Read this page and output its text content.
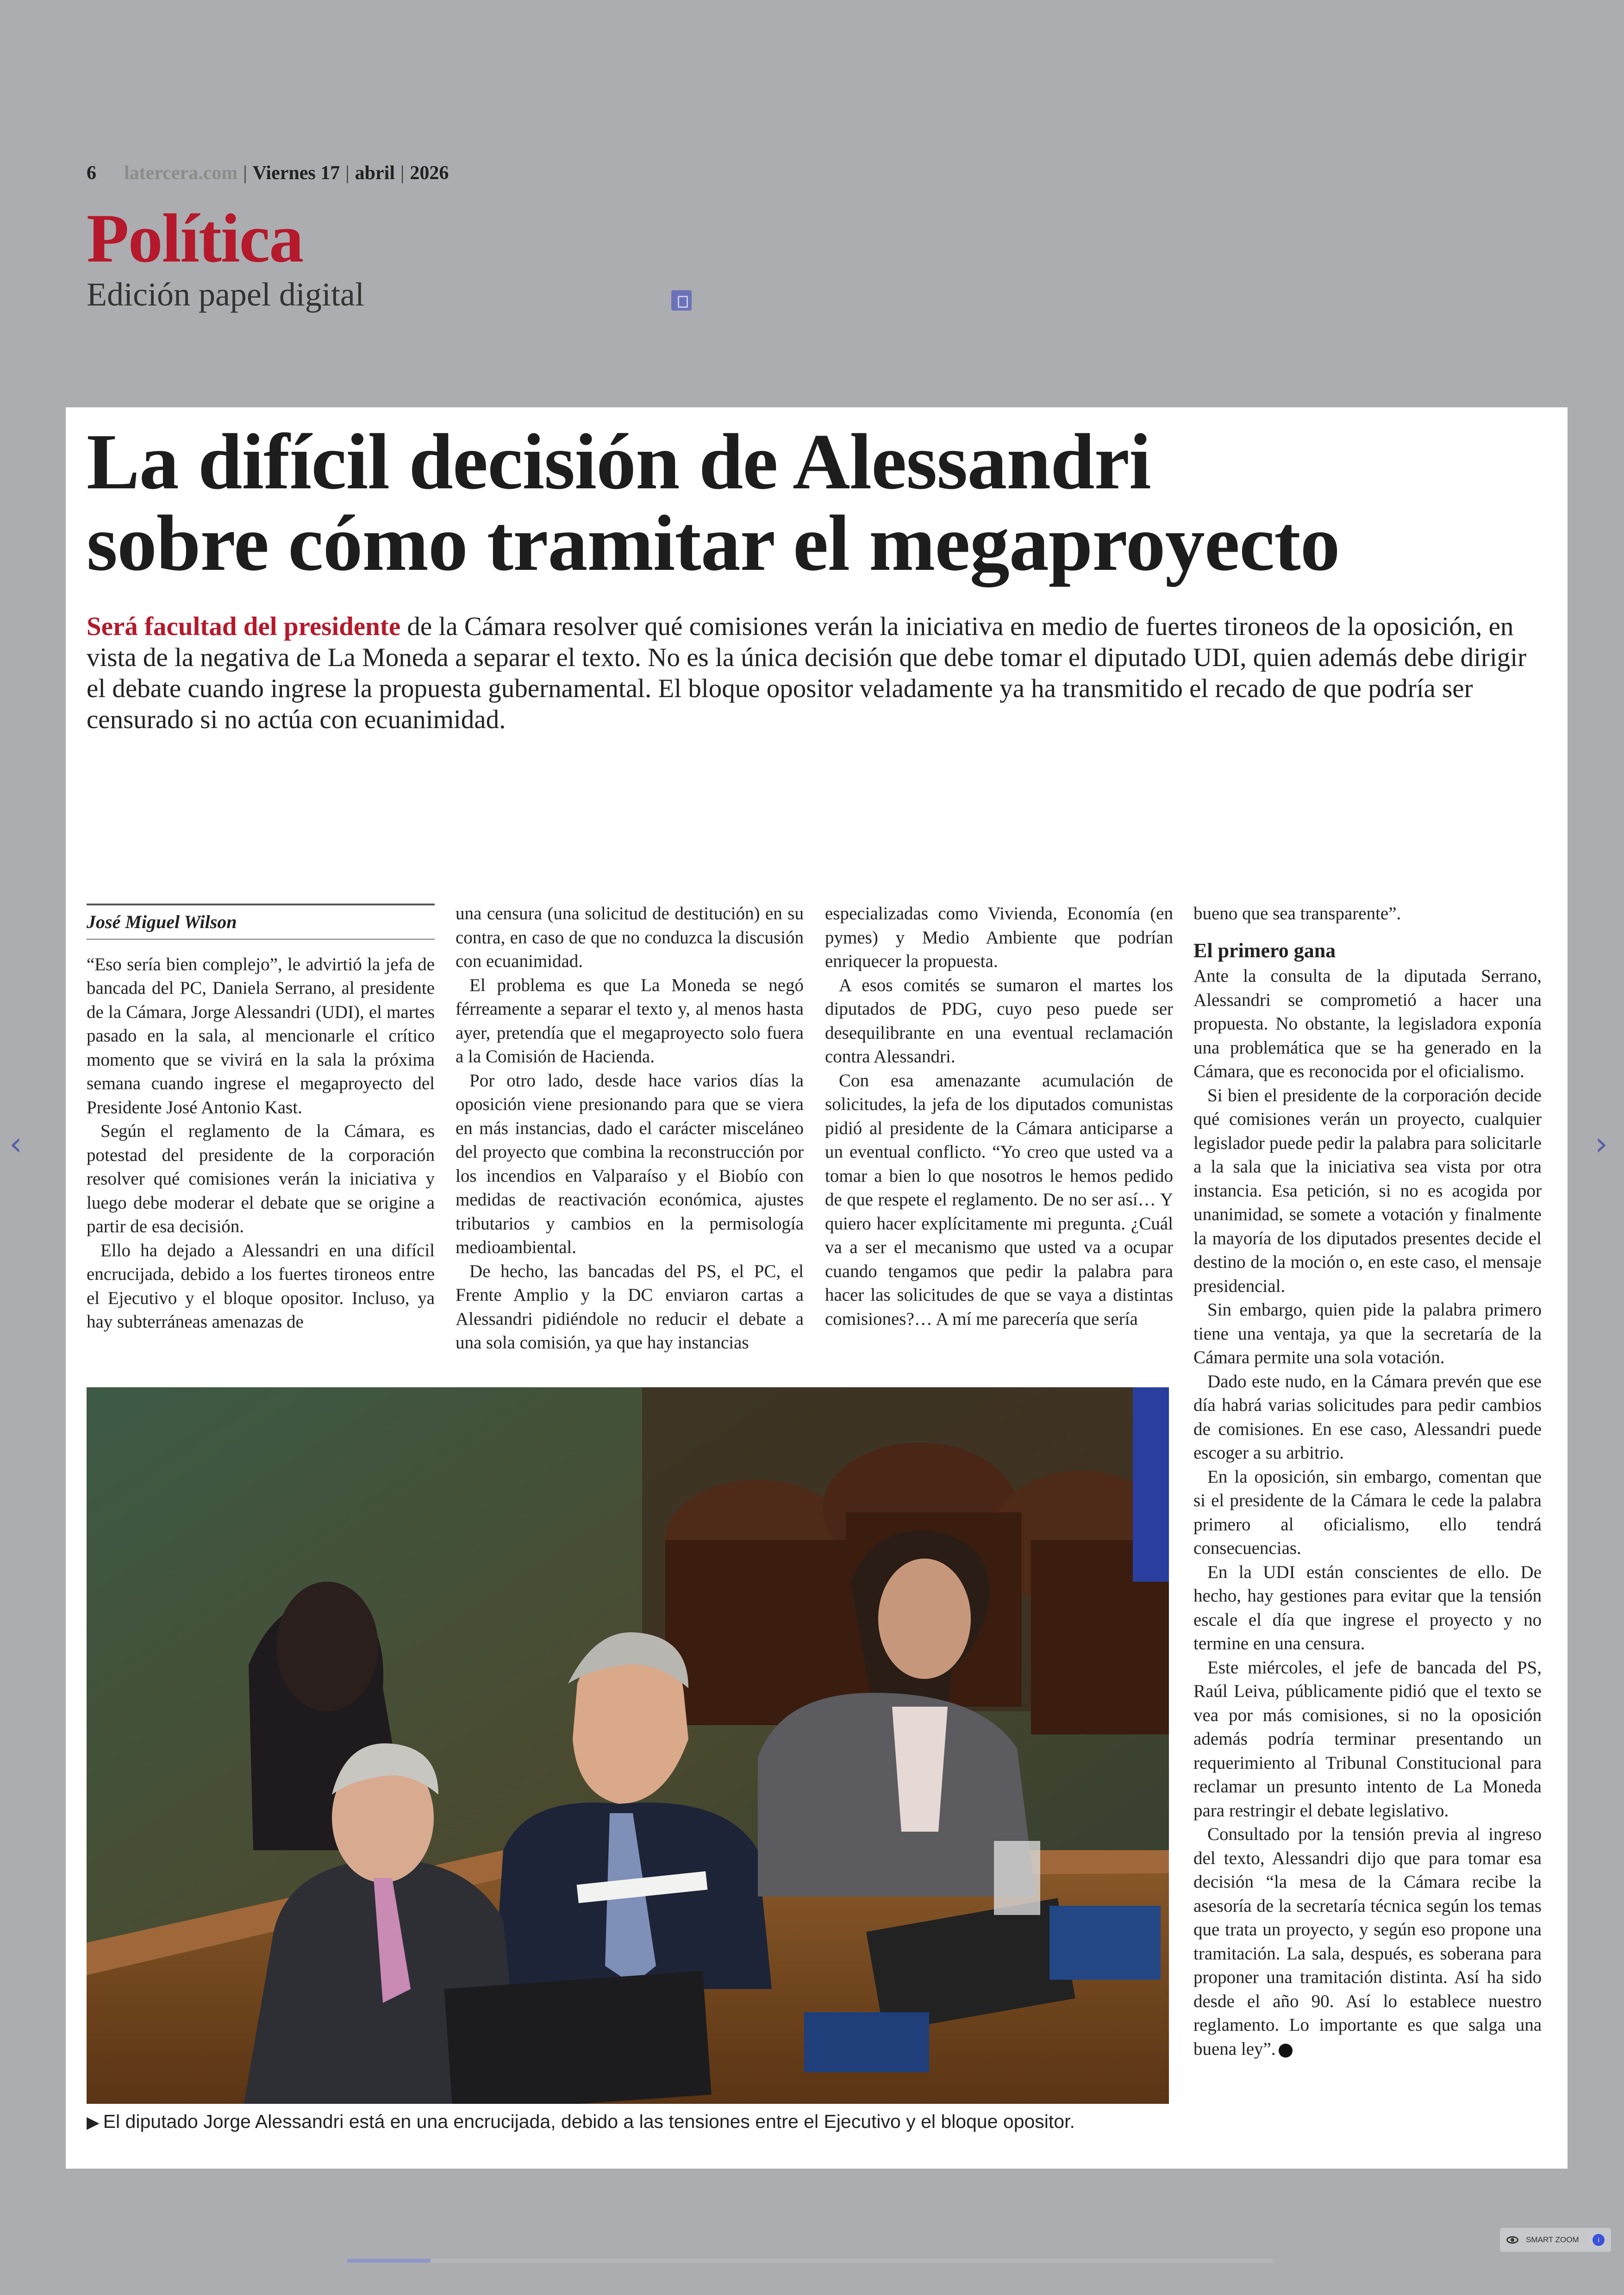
6 latercera.com | Viernes 17 | abril | 2026
Política
Edición papel digital
‹	›
La difícil decisión de Alessandri
sobre cómo tramitar el megaproyecto
Será facultad del presidente de la Cámara resolver qué comisiones verán la iniciativa en medio de fuertes tironeos de la oposición, en vista de la negativa de La Moneda a separar el texto. No es la única decisión que debe tomar el diputado UDI, quien además debe dirigir el debate cuando ingrese la propuesta gubernamental. El bloque opositor veladamente ya ha transmitido el recado de que podría ser censurado si no actúa con ecuanimidad.
José Miguel Wilson

“Eso sería bien complejo”, le advirtió la jefa de bancada del PC, Daniela Serrano, al presidente de la Cámara, Jorge Alessandri (UDI), el martes pasado en la sala, al mencionarle el crítico momento que se vivirá en la sala la próxima semana cuando ingrese el megaproyecto del Presidente José Antonio Kast.

Según el reglamento de la Cámara, es potestad del presidente de la corporación resolver qué comisiones verán la iniciativa y luego debe moderar el debate que se origine a partir de esa decisión.

Ello ha dejado a Alessandri en una difícil encrucijada, debido a los fuertes tironeos entre el Ejecutivo y el bloque opositor. Incluso, ya hay subterráneas amenazas de

una censura (una solicitud de destitución) en su contra, en caso de que no conduzca la discusión con ecuanimidad.

El problema es que La Moneda se negó férreamente a separar el texto y, al menos hasta ayer, pretendía que el megaproyecto solo fuera a la Comisión de Hacienda.

Por otro lado, desde hace varios días la oposición viene presionando para que se viera en más instancias, dado el carácter misceláneo del proyecto que combina la reconstrucción por los incendios en Valparaíso y el Biobío con medidas de reactivación económica, ajustes tributarios y cambios en la permisología medioambiental.

De hecho, las bancadas del PS, el PC, el Frente Amplio y la DC enviaron cartas a Alessandri pidiéndole no reducir el debate a una sola comisión, ya que hay instancias

especializadas como Vivienda, Economía (en pymes) y Medio Ambiente que podrían enriquecer la propuesta.

A esos comités se sumaron el martes los diputados de PDG, cuyo peso puede ser desequilibrante en una eventual reclamación contra Alessandri.

Con esa amenazante acumulación de solicitudes, la jefa de los diputados comunistas pidió al presidente de la Cámara anticiparse a un eventual conflicto. “Yo creo que usted va a tomar a bien lo que nosotros le hemos pedido de que respete el reglamento. De no ser así… Y quiero hacer explícitamente mi pregunta. ¿Cuál va a ser el mecanismo que usted va a ocupar cuando tengamos que pedir la palabra para hacer las solicitudes de que se vaya a distintas comisiones?… A mí me parecería que sería

bueno que sea transparente”.

El primero gana

Ante la consulta de la diputada Serrano, Alessandri se comprometió a hacer una propuesta. No obstante, la legisladora exponía una problemática que se ha generado en la Cámara, que es reconocida por el oficialismo.

Si bien el presidente de la corporación decide qué comisiones verán un proyecto, cualquier legislador puede pedir la palabra para solicitarle a la sala que la iniciativa sea vista por otra instancia. Esa petición, si no es acogida por unanimidad, se somete a votación y finalmente la mayoría de los diputados presentes decide el destino de la moción o, en este caso, el mensaje presidencial.

Sin embargo, quien pide la palabra primero tiene una ventaja, ya que la secretaría de la Cámara permite una sola votación.

Dado este nudo, en la Cámara prevén que ese día habrá varias solicitudes para pedir cambios de comisiones. En ese caso, Alessandri puede escoger a su arbitrio.

En la oposición, sin embargo, comentan que si el presidente de la Cámara le cede la palabra primero al oficialismo, ello tendrá consecuencias.

En la UDI están conscientes de ello. De hecho, hay gestiones para evitar que la tensión escale el día que ingrese el proyecto y no termine en una censura.

Este miércoles, el jefe de bancada del PS, Raúl Leiva, públicamente pidió que el texto se vea por más comisiones, si no la oposición además podría terminar presentando un requerimiento al Tribunal Constitucional para reclamar un presunto intento de La Moneda para restringir el debate legislativo.

Consultado por la tensión previa al ingreso del texto, Alessandri dijo que para tomar esa decisión “la mesa de la Cámara recibe la asesoría de la secretaría técnica según los temas que trata un proyecto, y según eso propone una tramitación. La sala, después, es soberana para proponer una tramitación distinta. Así ha sido desde el año 90. Así lo establece nuestro reglamento. Lo importante es que salga una buena ley”.

▶ El diputado Jorge Alessandri está en una encrucijada, debido a las tensiones entre el Ejecutivo y el bloque opositor.
SMART ZOOM	i
